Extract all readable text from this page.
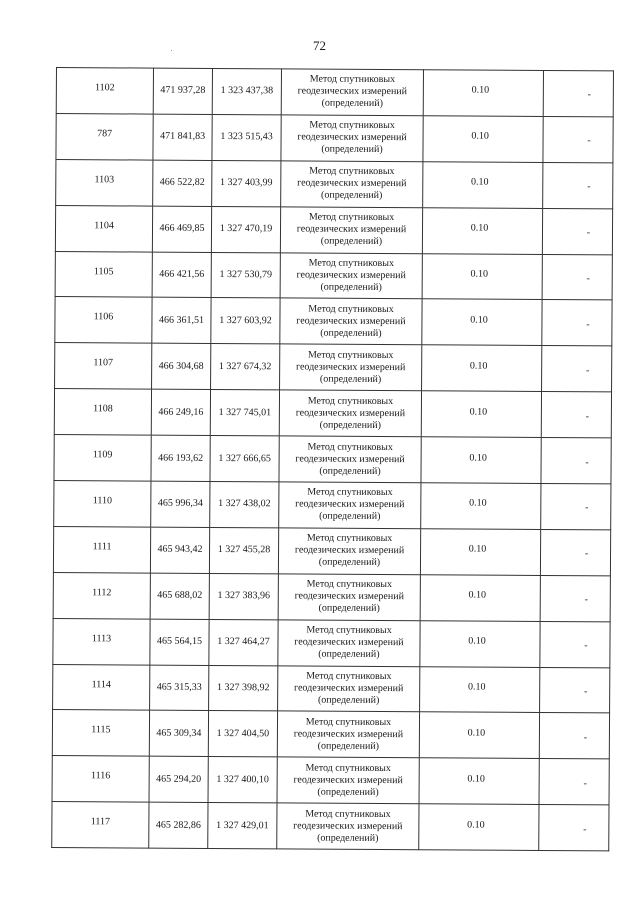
72
1102	471 937,28	1 323 437,38	Метод спутниковых
геодезических измерений
(определений)	0.10	-

787	471 841,83	1 323 515,43	Метод спутниковых
геодезических измерений
(определений)	0.10	-

1103	466 522,82	1 327 403,99	Метод спутниковых
геодезических измерений
(определений)	0.10	-

1104	466 469,85	1 327 470,19	Метод спутниковых
геодезических измерений
(определений)	0.10	-

1105	466 421,56	1 327 530,79	Метод спутниковых
геодезических измерений
(определений)	0.10	-

1106	466 361,51	1 327 603,92	Метод спутниковых
геодезических измерений
(определений)	0.10	-

1107	466 304,68	1 327 674,32	Метод спутниковых
геодезических измерений
(определений)	0.10	-

1108	466 249,16	1 327 745,01	Метод спутниковых
геодезических измерений
(определений)	0.10	-

1109	466 193,62	1 327 666,65	Метод спутниковых
геодезических измерений
(определений)	0.10	-

1110	465 996,34	1 327 438,02	Метод спутниковых
геодезических измерений
(определений)	0.10	-

1111	465 943,42	1 327 455,28	Метод спутниковых
геодезических измерений
(определений)	0.10	-

1112	465 688,02	1 327 383,96	Метод спутниковых
геодезических измерений
(определений)	0.10	-

1113	465 564,15	1 327 464,27	Метод спутниковых
геодезических измерений
(определений)	0.10	-

1114	465 315,33	1 327 398,92	Метод спутниковых
геодезических измерений
(определений)	0.10	-

1115	465 309,34	1 327 404,50	Метод спутниковых
геодезических измерений
(определений)	0.10	-

1116	465 294,20	1 327 400,10	Метод спутниковых
геодезических измерений
(определений)	0.10	-

1117	465 282,86	1 327 429,01	Метод спутниковых
геодезических измерений
(определений)	0.10	-
